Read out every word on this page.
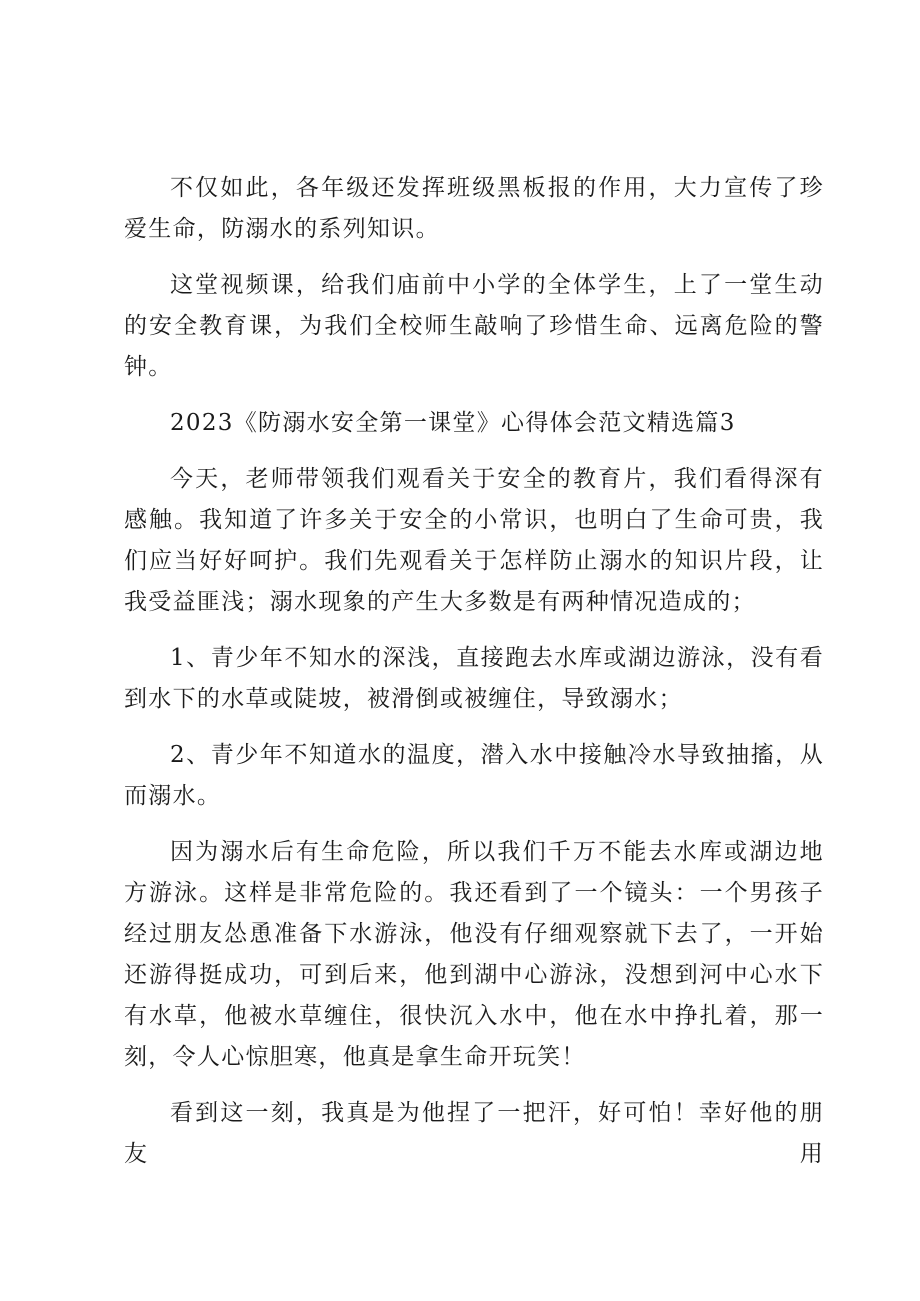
不仅如此，各年级还发挥班级黑板报的作用，大力宣传了珍爱生命，防溺水的系列知识。

这堂视频课，给我们庙前中小学的全体学生，上了一堂生动的安全教育课，为我们全校师生敲响了珍惜生命、远离危险的警钟。

2023《防溺水安全第一课堂》心得体会范文精选篇3

今天，老师带领我们观看关于安全的教育片，我们看得深有感触。我知道了许多关于安全的小常识，也明白了生命可贵，我们应当好好呵护。我们先观看关于怎样防止溺水的知识片段，让我受益匪浅；溺水现象的产生大多数是有两种情况造成的；

1、青少年不知水的深浅，直接跑去水库或湖边游泳，没有看到水下的水草或陡坡，被滑倒或被缠住，导致溺水；

2、青少年不知道水的温度，潜入水中接触冷水导致抽搐，从而溺水。

因为溺水后有生命危险，所以我们千万不能去水库或湖边地方游泳。这样是非常危险的。我还看到了一个镜头：一个男孩子经过朋友怂恿准备下水游泳，他没有仔细观察就下去了，一开始还游得挺成功，可到后来，他到湖中心游泳，没想到河中心水下有水草，他被水草缠住，很快沉入水中，他在水中挣扎着，那一刻，令人心惊胆寒，他真是拿生命开玩笑！

看到这一刻，我真是为他捏了一把汗，好可怕！幸好他的朋友用
